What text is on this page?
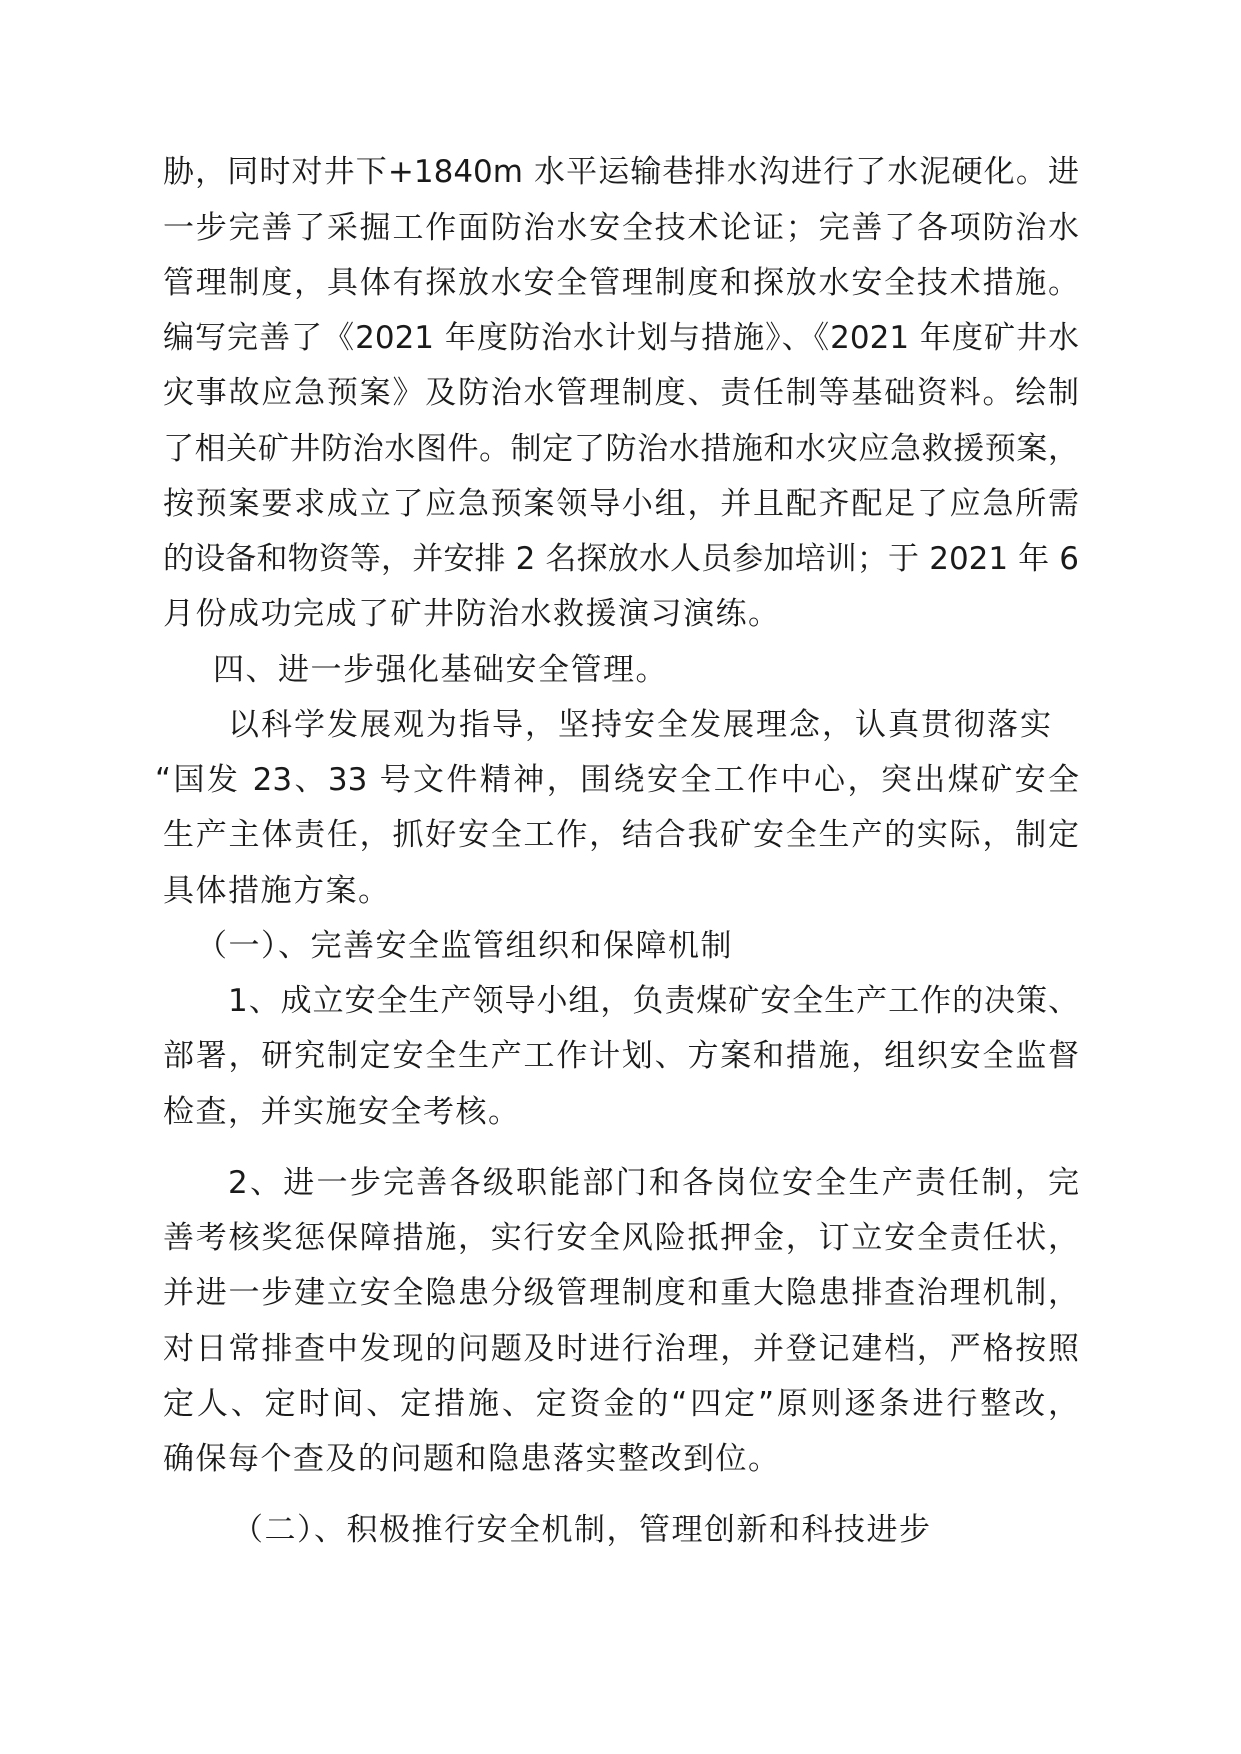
胁，同时对井下+1840m 水平运输巷排水沟进行了水泥硬化。进
一步完善了采掘工作面防治水安全技术论证；完善了各项防治水
管理制度，具体有探放水安全管理制度和探放水安全技术措施。
编写完善了《2021 年度防治水计划与措施》、《2021 年度矿井水
灾事故应急预案》及防治水管理制度、责任制等基础资料。绘制
了相关矿井防治水图件。制定了防治水措施和水灾应急救援预案，
按预案要求成立了应急预案领导小组，并且配齐配足了应急所需
的设备和物资等，并安排 2 名探放水人员参加培训；于 2021 年 6
月份成功完成了矿井防治水救援演习演练。
四、进一步强化基础安全管理。
以科学发展观为指导，坚持安全发展理念，认真贯彻落实
“国发 23、33 号文件精神，围绕安全工作中心，突出煤矿安全
生产主体责任，抓好安全工作，结合我矿安全生产的实际，制定
具体措施方案。
（一）、完善安全监管组织和保障机制
1、成立安全生产领导小组，负责煤矿安全生产工作的决策、
部署，研究制定安全生产工作计划、方案和措施，组织安全监督
检查，并实施安全考核。
2、进一步完善各级职能部门和各岗位安全生产责任制，完
善考核奖惩保障措施，实行安全风险抵押金，订立安全责任状，
并进一步建立安全隐患分级管理制度和重大隐患排查治理机制，
对日常排查中发现的问题及时进行治理，并登记建档，严格按照
定人、定时间、定措施、定资金的“四定”原则逐条进行整改，
确保每个查及的问题和隐患落实整改到位。
（二）、积极推行安全机制，管理创新和科技进步
